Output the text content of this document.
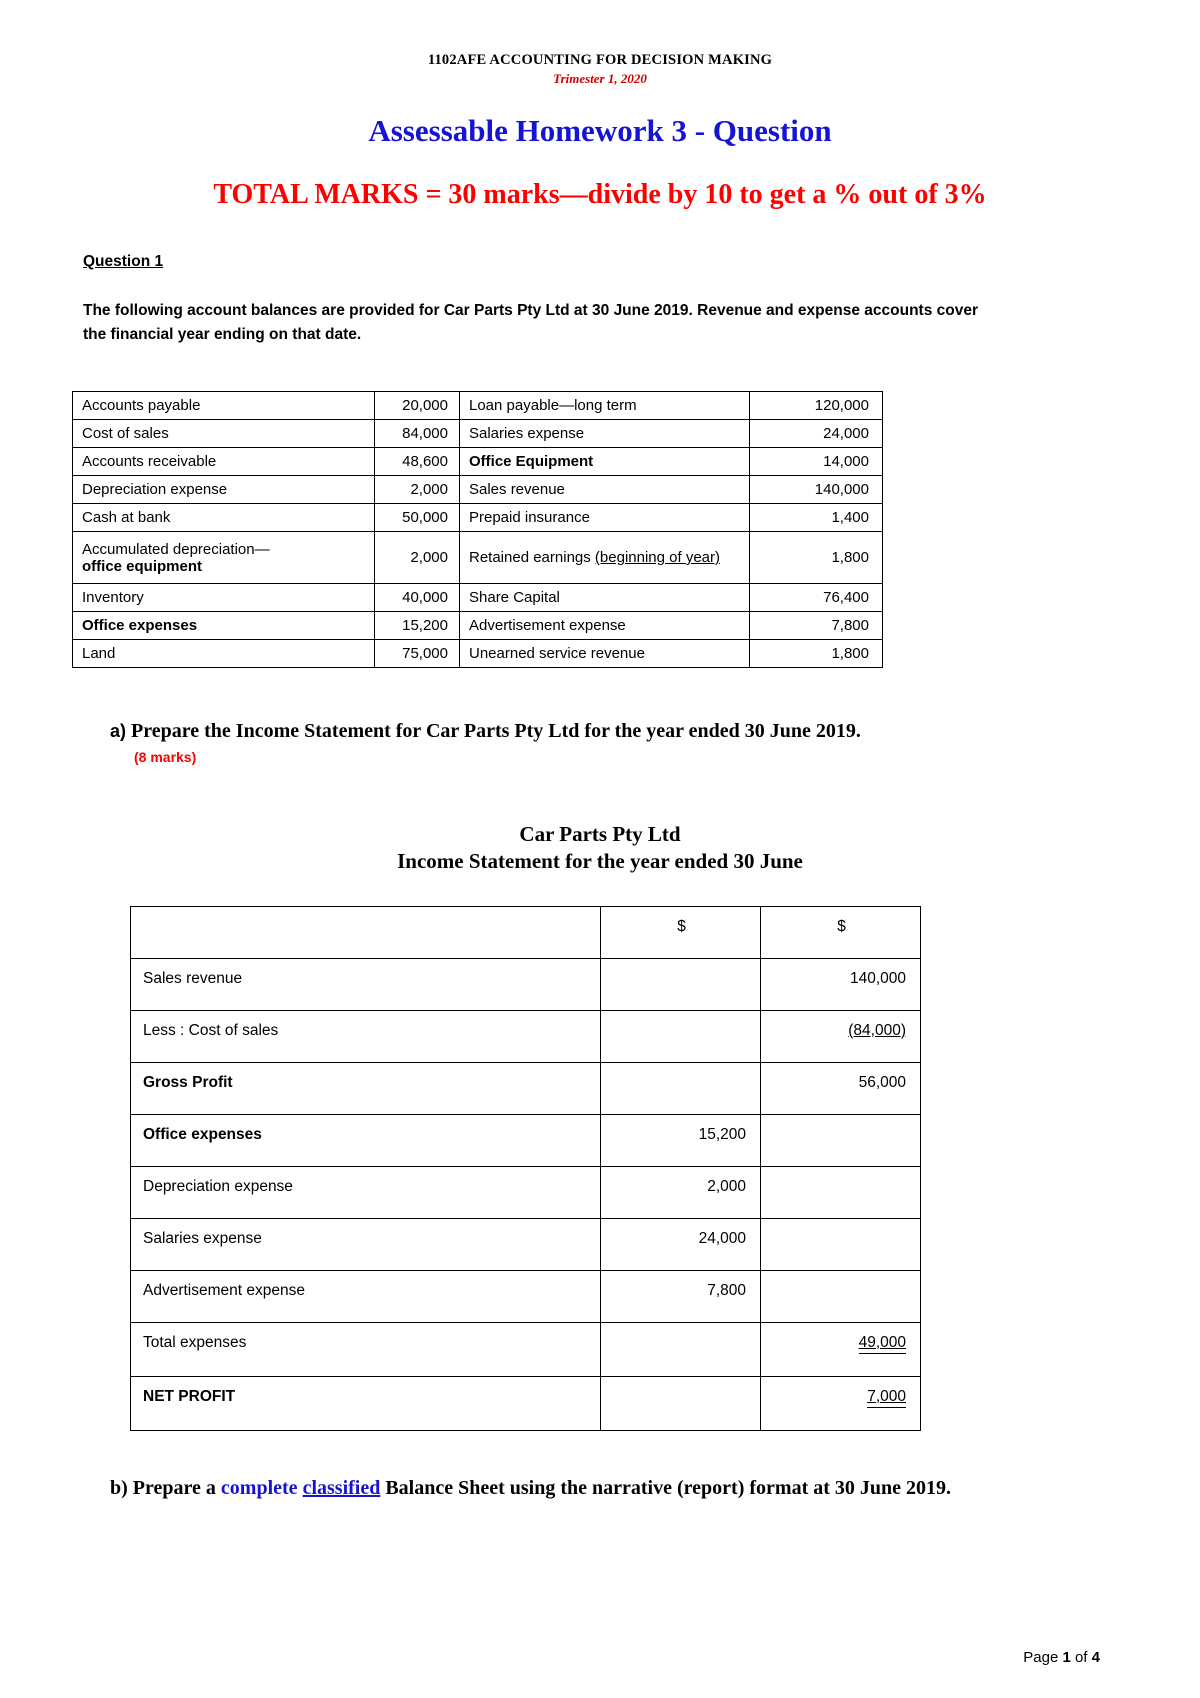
1102AFE ACCOUNTING FOR DECISION MAKING
Trimester 1, 2020
Assessable Homework 3 - Question
TOTAL MARKS = 30 marks—divide by 10 to get a % out of 3%
Question 1
The following account balances are provided for Car Parts Pty Ltd at 30 June 2019. Revenue and expense accounts cover the financial year ending on that date.
Accounts payable	20,000	Loan payable—long term	120,000
Cost of sales	84,000	Salaries expense	24,000
Accounts receivable	48,600	Office Equipment	14,000
Depreciation expense	2,000	Sales revenue	140,000
Cash at bank	50,000	Prepaid insurance	1,400
Accumulated depreciation—
office equipment	2,000	Retained earnings (beginning of year)	1,800
Inventory	40,000	Share Capital	76,400
Office expenses	15,200	Advertisement expense	7,800
Land	75,000	Unearned service revenue	1,800
a) Prepare the Income Statement for Car Parts Pty Ltd for the year ended 30 June 2019.
(8 marks)
Car Parts Pty Ltd
Income Statement for the year ended 30 June
	$	$
Sales revenue		140,000
Less : Cost of sales		(84,000)
Gross Profit		56,000
Office expenses	15,200	
Depreciation expense	2,000	
Salaries expense	24,000	
Advertisement expense	7,800	
Total expenses		49,000
NET PROFIT		7,000
b) Prepare a complete classified Balance Sheet using the narrative (report) format at 30 June 2019.
Page 1 of 4
